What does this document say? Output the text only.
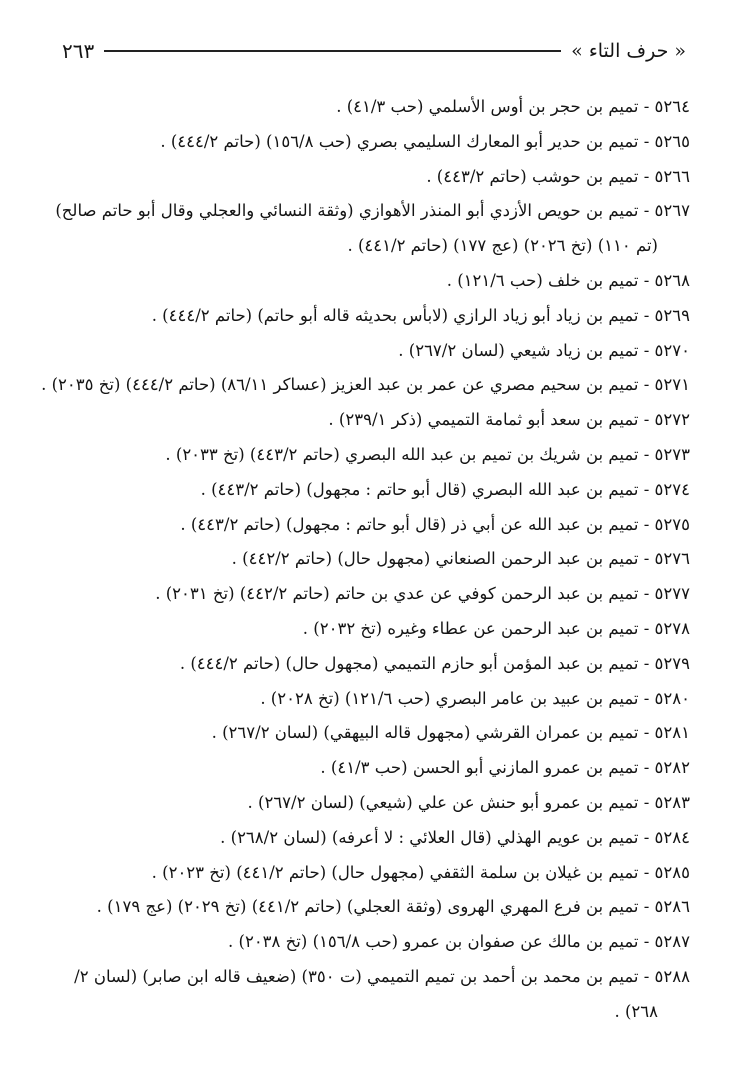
« حرف التاء »
٢٦٣
٥٢٦٤ - تميم بن حجر بن أوس الأسلمي (حب ٤١/٣) .
٥٢٦٥ - تميم بن حدير أبو المعارك السليمي بصري (حب ١٥٦/٨) (حاتم ٤٤٤/٢) .
٥٢٦٦ - تميم بن حوشب (حاتم ٤٤٣/٢) .
٥٢٦٧ - تميم بن حويص الأزدي أبو المنذر الأهوازي (وثقة النسائي والعجلي وقال أبو حاتم صالح)
(تم ١١٠) (تخ ٢٠٢٦) (عج ١٧٧) (حاتم ٤٤١/٢) .
٥٢٦٨ - تميم بن خلف (حب ١٢١/٦) .
٥٢٦٩ - تميم بن زياد أبو زياد الرازي (لابأس بحديثه قاله أبو حاتم) (حاتم ٤٤٤/٢) .
٥٢٧٠ - تميم بن زياد شيعي (لسان ٢٦٧/٢) .
٥٢٧١ - تميم بن سحيم مصري عن عمر بن عبد العزيز (عساكر ٨٦/١١) (حاتم ٤٤٤/٢) (تخ ٢٠٣٥) .
٥٢٧٢ - تميم بن سعد أبو ثمامة التميمي (ذكر ٢٣٩/١) .
٥٢٧٣ - تميم بن شريك بن تميم بن عبد الله البصري (حاتم ٤٤٣/٢) (تخ ٢٠٣٣) .
٥٢٧٤ - تميم بن عبد الله البصري (قال أبو حاتم : مجهول) (حاتم ٤٤٣/٢) .
٥٢٧٥ - تميم بن عبد الله عن أبي ذر (قال أبو حاتم : مجهول) (حاتم ٤٤٣/٢) .
٥٢٧٦ - تميم بن عبد الرحمن الصنعاني (مجهول حال) (حاتم ٤٤٢/٢) .
٥٢٧٧ - تميم بن عبد الرحمن كوفي عن عدي بن حاتم (حاتم ٤٤٢/٢) (تخ ٢٠٣١) .
٥٢٧٨ - تميم بن عبد الرحمن عن عطاء وغيره (تخ ٢٠٣٢) .
٥٢٧٩ - تميم بن عبد المؤمن أبو حازم التميمي (مجهول حال) (حاتم ٤٤٤/٢) .
٥٢٨٠ - تميم بن عبيد بن عامر البصري (حب ١٢١/٦) (تخ ٢٠٢٨) .
٥٢٨١ - تميم بن عمران القرشي (مجهول قاله البيهقي) (لسان ٢٦٧/٢) .
٥٢٨٢ - تميم بن عمرو المازني أبو الحسن (حب ٤١/٣) .
٥٢٨٣ - تميم بن عمرو أبو حنش عن علي (شيعي) (لسان ٢٦٧/٢) .
٥٢٨٤ - تميم بن عويم الهذلي (قال العلائي : لا أعرفه) (لسان ٢٦٨/٢) .
٥٢٨٥ - تميم بن غيلان بن سلمة الثقفي (مجهول حال) (حاتم ٤٤١/٢) (تخ ٢٠٢٣) .
٥٢٨٦ - تميم بن فرع المهري الهروى (وثقة العجلي) (حاتم ٤٤١/٢) (تخ ٢٠٢٩) (عج ١٧٩) .
٥٢٨٧ - تميم بن مالك عن صفوان بن عمرو (حب ١٥٦/٨) (تخ ٢٠٣٨) .
٥٢٨٨ - تميم بن محمد بن أحمد بن تميم التميمي (ت ٣٥٠) (ضعيف قاله ابن صابر) (لسان ٢/
٢٦٨) .
